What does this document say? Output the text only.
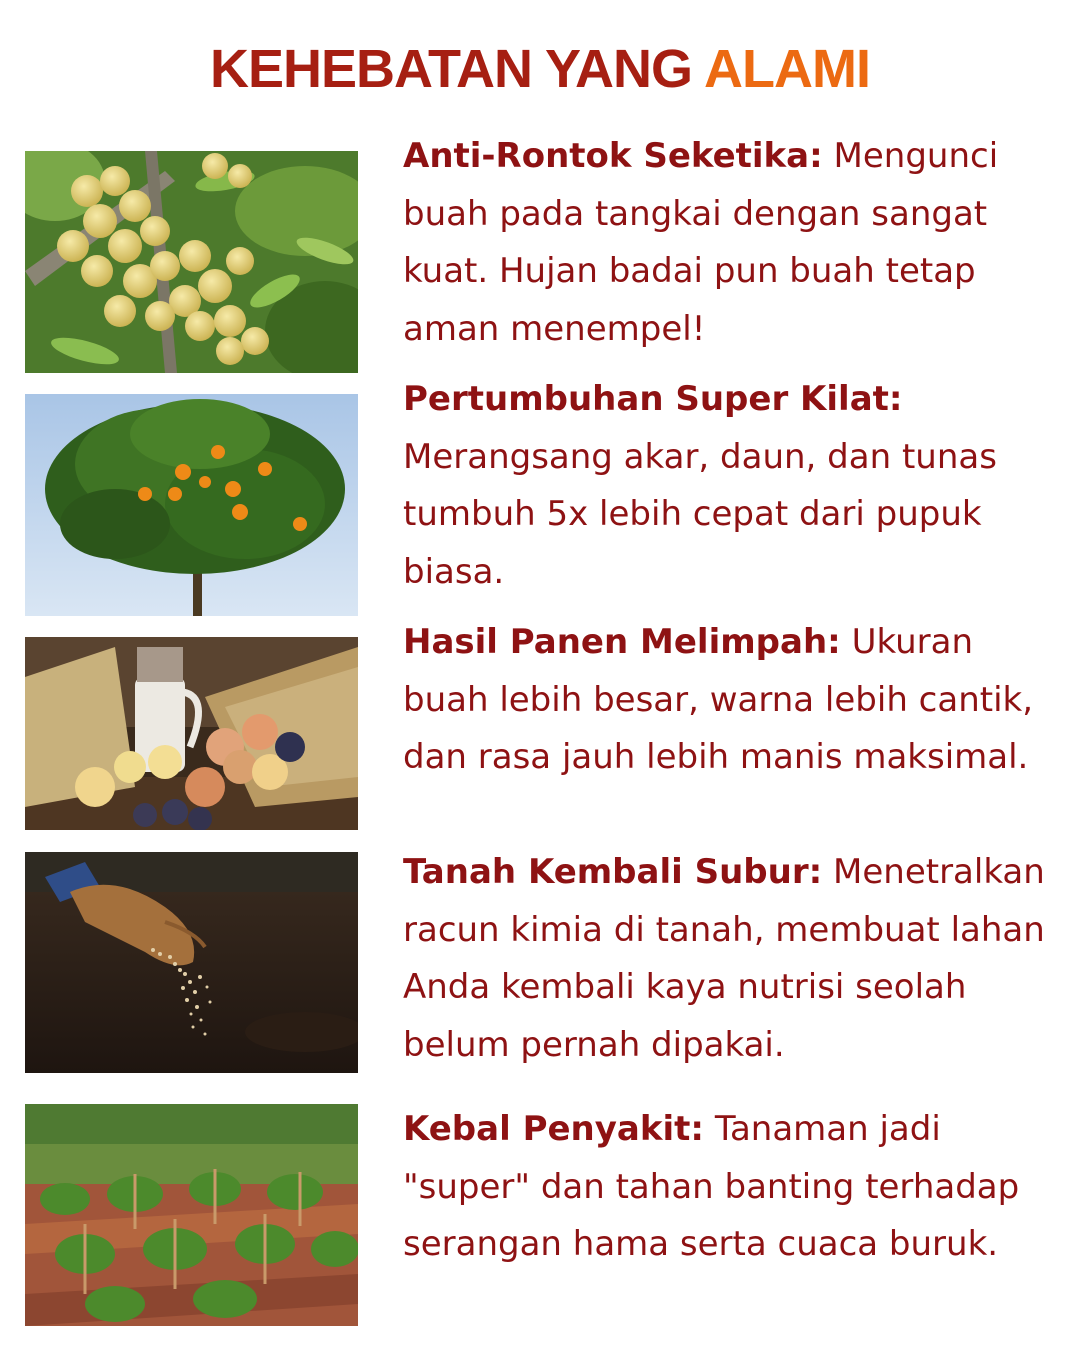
KEHEBATAN YANG ALAMI

Anti-Rontok Seketika: Mengunci buah pada tangkai dengan sangat kuat. Hujan badai pun buah tetap aman menempel!

Pertumbuhan Super Kilat: Merangsang akar, daun, dan tunas tumbuh 5x lebih cepat dari pupuk biasa.

Hasil Panen Melimpah: Ukuran buah lebih besar, warna lebih cantik, dan rasa jauh lebih manis maksimal.

Tanah Kembali Subur: Menetralkan racun kimia di tanah, membuat lahan Anda kembali kaya nutrisi seolah belum pernah dipakai.

Kebal Penyakit: Tanaman jadi "super" dan tahan banting terhadap serangan hama serta cuaca buruk.
